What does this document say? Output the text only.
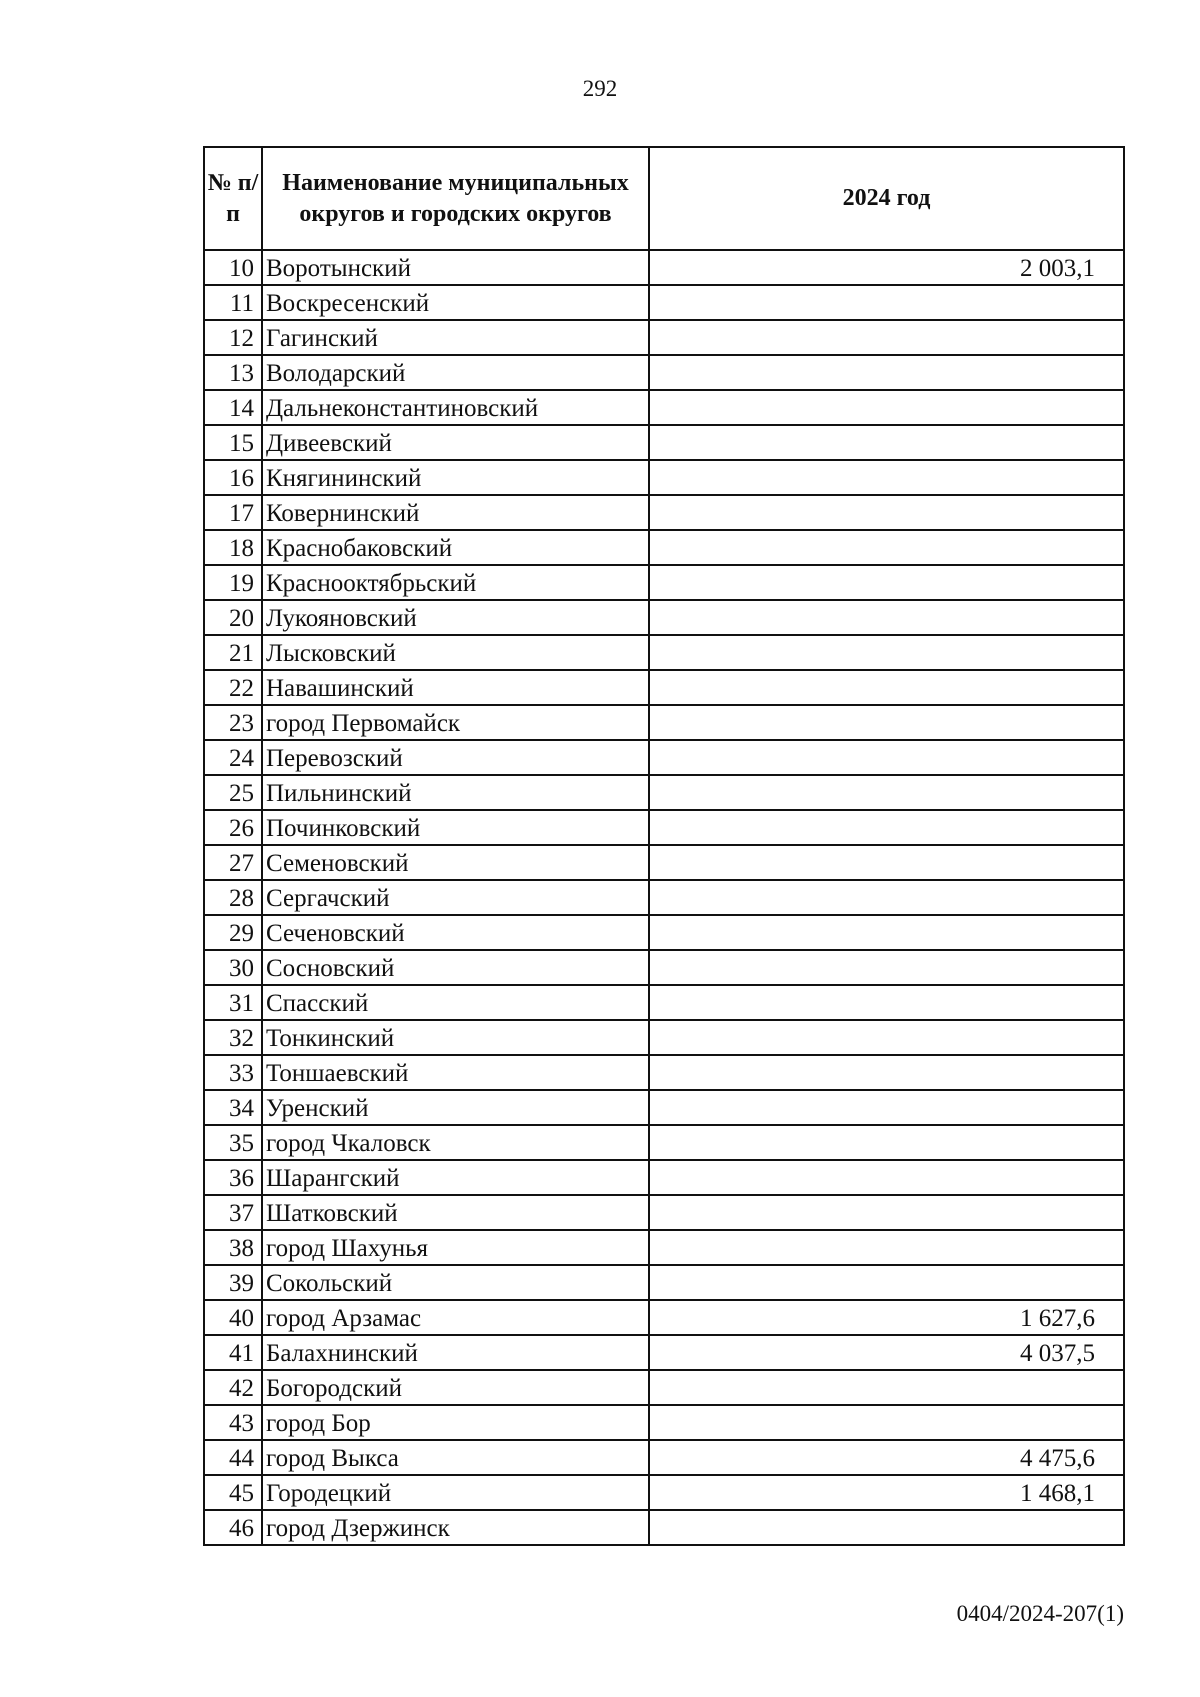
292
№ п/п	Наименование муниципальных округов и городских округов	2024 год
10	Воротынский	2 003,1
11	Воскресенский	
12	Гагинский	
13	Володарский	
14	Дальнеконстантиновский	
15	Дивеевский	
16	Княгининский	
17	Ковернинский	
18	Краснобаковский	
19	Краснооктябрьский	
20	Лукояновский	
21	Лысковский	
22	Навашинский	
23	город Первомайск	
24	Перевозский	
25	Пильнинский	
26	Починковский	
27	Семеновский	
28	Сергачский	
29	Сеченовский	
30	Сосновский	
31	Спасский	
32	Тонкинский	
33	Тоншаевский	
34	Уренский	
35	город Чкаловск	
36	Шарангский	
37	Шатковский	
38	город Шахунья	
39	Сокольский	
40	город Арзамас	1 627,6
41	Балахнинский	4 037,5
42	Богородский	
43	город Бор	
44	город Выкса	4 475,6
45	Городецкий	1 468,1
46	город Дзержинск	
0404/2024-207(1)
